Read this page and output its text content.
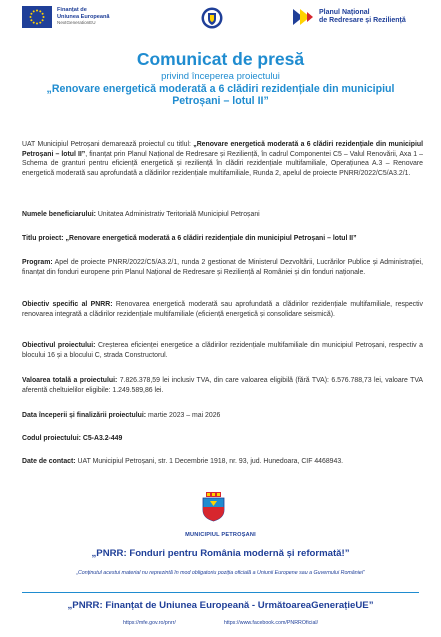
Finanțat de
Uniunea Europeană
NextGenerationEU
Planul Național
de Redresare și Reziliență
Comunicat de presă
privind începerea proiectului
„Renovare energetică moderată a 6 clădiri rezidențiale din municipiul Petroșani – lotul II”

UAT Municipiul Petroșani demarează proiectul cu titlul: „Renovare energetică moderată a 6 clădiri rezidențiale din municipiul Petroșani – lotul II”, finanțat prin Planul Național de Redresare și Reziliență, în cadrul Componentei C5 – Valul Renovării, Axa 1 – Schema de granturi pentru eficiență energetică și reziliență în clădiri rezidențiale multifamiliale, Operațiunea A.3 – Renovare energetică moderată sau aprofundată a clădirilor rezidențiale multifamiliale, Runda 2, apelul de proiecte PNRR/2022/C5/A3.2/1.

Numele beneficiarului: Unitatea Administrativ Teritorială Municipiul Petroșani

Titlu proiect: „Renovare energetică moderată a 6 clădiri rezidențiale din municipiul Petroșani – lotul II”

Program: Apel de proiecte PNRR/2022/C5/A3.2/1, runda 2 gestionat de Ministerul Dezvoltării, Lucrărilor Publice și Administrației, finanțat din fonduri europene prin Planul Național de Redresare și Reziliență al României și din fonduri naționale.

Obiectiv specific al PNRR: Renovarea energetică moderată sau aprofundată a clădirilor rezidențiale multifamiliale, respectiv renovarea integrată a clădirilor rezidențiale multifamiliale (eficiență energetică și consolidare seismică).

Obiectivul proiectului: Creșterea eficienței energetice a clădirilor rezidențiale multifamiliale din municipiul Petroșani, respectiv a blocului 16 și a blocului C, strada Constructorul.

Valoarea totală a proiectului: 7.826.378,59 lei inclusiv TVA, din care valoarea eligibilă (fără TVA): 6.576.788,73 lei, valoare TVA aferentă cheltuielilor eligibile: 1.249.589,86 lei.

Data începerii și finalizării proiectului: martie 2023 – mai 2026

Codul proiectului: C5-A3.2-449

Date de contact: UAT Municipiul Petroșani, str. 1 Decembrie 1918, nr. 93, jud. Hunedoara, CIF 4468943.

MUNICIPIUL PETROȘANI
„PNRR: Fonduri pentru România modernă și reformată!”
„Conținutul acestui material nu reprezintă în mod obligatoriu poziția oficială a Uniunii Europene sau a Guvernului României”
„PNRR: Finanțat de Uniunea Europeană - UrmătoareaGenerațieUE”
https://mfe.gov.ro/pnrr/	https://www.facebook.com/PNRROficial/
